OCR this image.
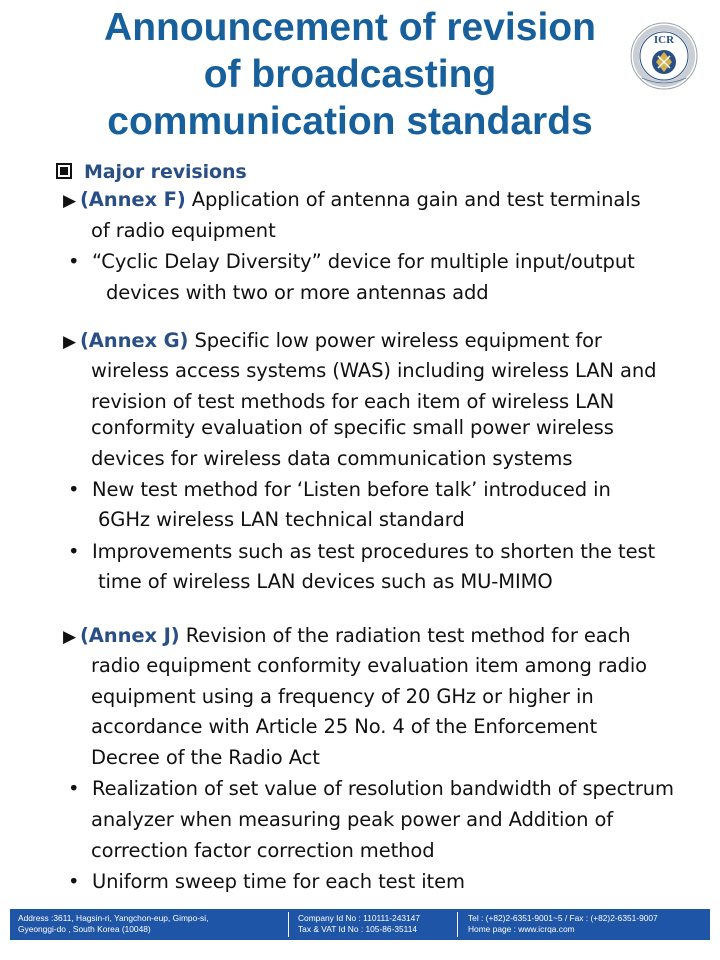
Announcement of revision
of broadcasting
communication standards
ICR
Major revisions
▶ (Annex F) Application of antenna gain and test terminals
of radio equipment
• “Cyclic Delay Diversity” device for multiple input/output
devices with two or more antennas add
▶ (Annex G) Specific low power wireless equipment for
wireless access systems (WAS) including wireless LAN and
revision of test methods for each item of wireless LAN
conformity evaluation of specific small power wireless
devices for wireless data communication systems
• New test method for ‘Listen before talk’ introduced in
6GHz wireless LAN technical standard
• Improvements such as test procedures to shorten the test
time of wireless LAN devices such as MU-MIMO
▶ (Annex J) Revision of the radiation test method for each
radio equipment conformity evaluation item among radio
equipment using a frequency of 20 GHz or higher in
accordance with Article 25 No. 4 of the Enforcement
Decree of the Radio Act
• Realization of set value of resolution bandwidth of spectrum
analyzer when measuring peak power and Addition of
correction factor correction method
• Uniform sweep time for each test item
Address :3611, Hagsin-ri, Yangchon-eup, Gimpo-si,
Gyeonggi-do , South Korea (10048)
Company Id No : 110111-243147
Tax & VAT Id No : 105-86-35114
Tel : (+82)2-6351-9001~5 / Fax : (+82)2-6351-9007
Home page : www.icrqa.com
